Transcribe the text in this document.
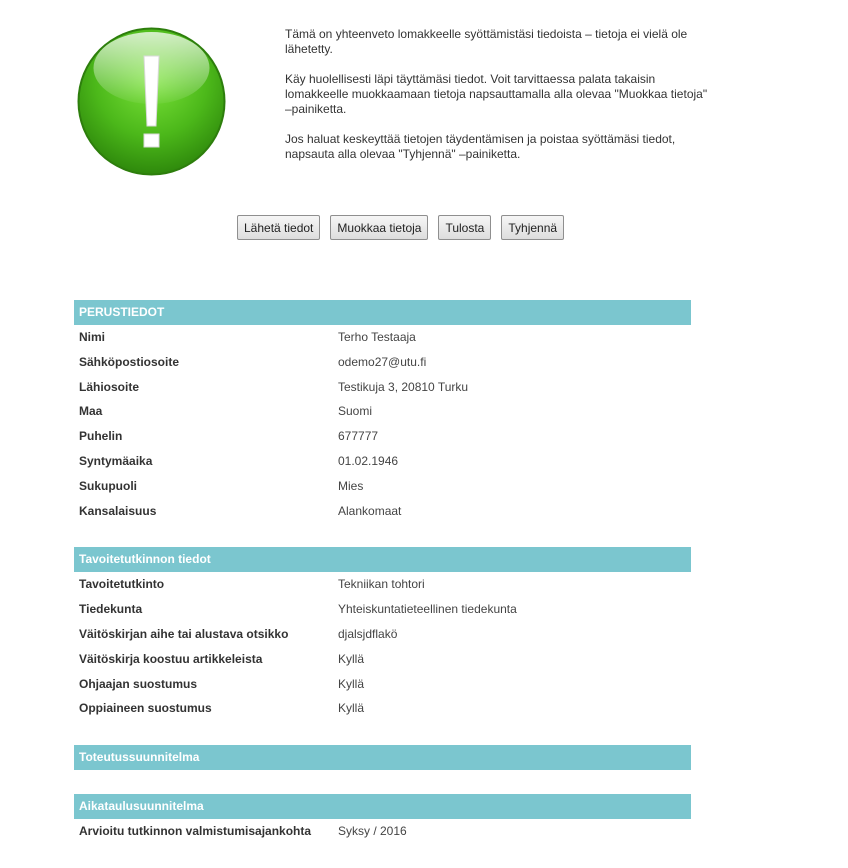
Tämä on yhteenveto lomakkeelle syöttämistäsi tiedoista – tietoja ei vielä ole lähetetty.

Käy huolellisesti läpi täyttämäsi tiedot. Voit tarvittaessa palata takaisin lomakkeelle muokkaamaan tietoja napsauttamalla alla olevaa "Muokkaa tietoja" –painiketta.

Jos haluat keskeyttää tietojen täydentämisen ja poistaa syöttämäsi tiedot, napsauta alla olevaa "Tyhjennä" –painiketta.

Lähetä tiedot Muokkaa tietoja Tulosta Tyhjennä
PERUSTIEDOT
Nimi	Terho Testaaja
Sähköpostiosoite	odemo27@utu.fi
Lähiosoite	Testikuja 3, 20810 Turku
Maa	Suomi
Puhelin	677777
Syntymäaika	01.02.1946
Sukupuoli	Mies
Kansalaisuus	Alankomaat
Tavoitetutkinnon tiedot
Tavoitetutkinto	Tekniikan tohtori
Tiedekunta	Yhteiskuntatieteellinen tiedekunta
Väitöskirjan aihe tai alustava otsikko	djalsjdflakö
Väitöskirja koostuu artikkeleista	Kyllä
Ohjaajan suostumus	Kyllä
Oppiaineen suostumus	Kyllä
Toteutussuunnitelma
Aikataulusuunnitelma
Arvioitu tutkinnon valmistumisajankohta	Syksy / 2016
